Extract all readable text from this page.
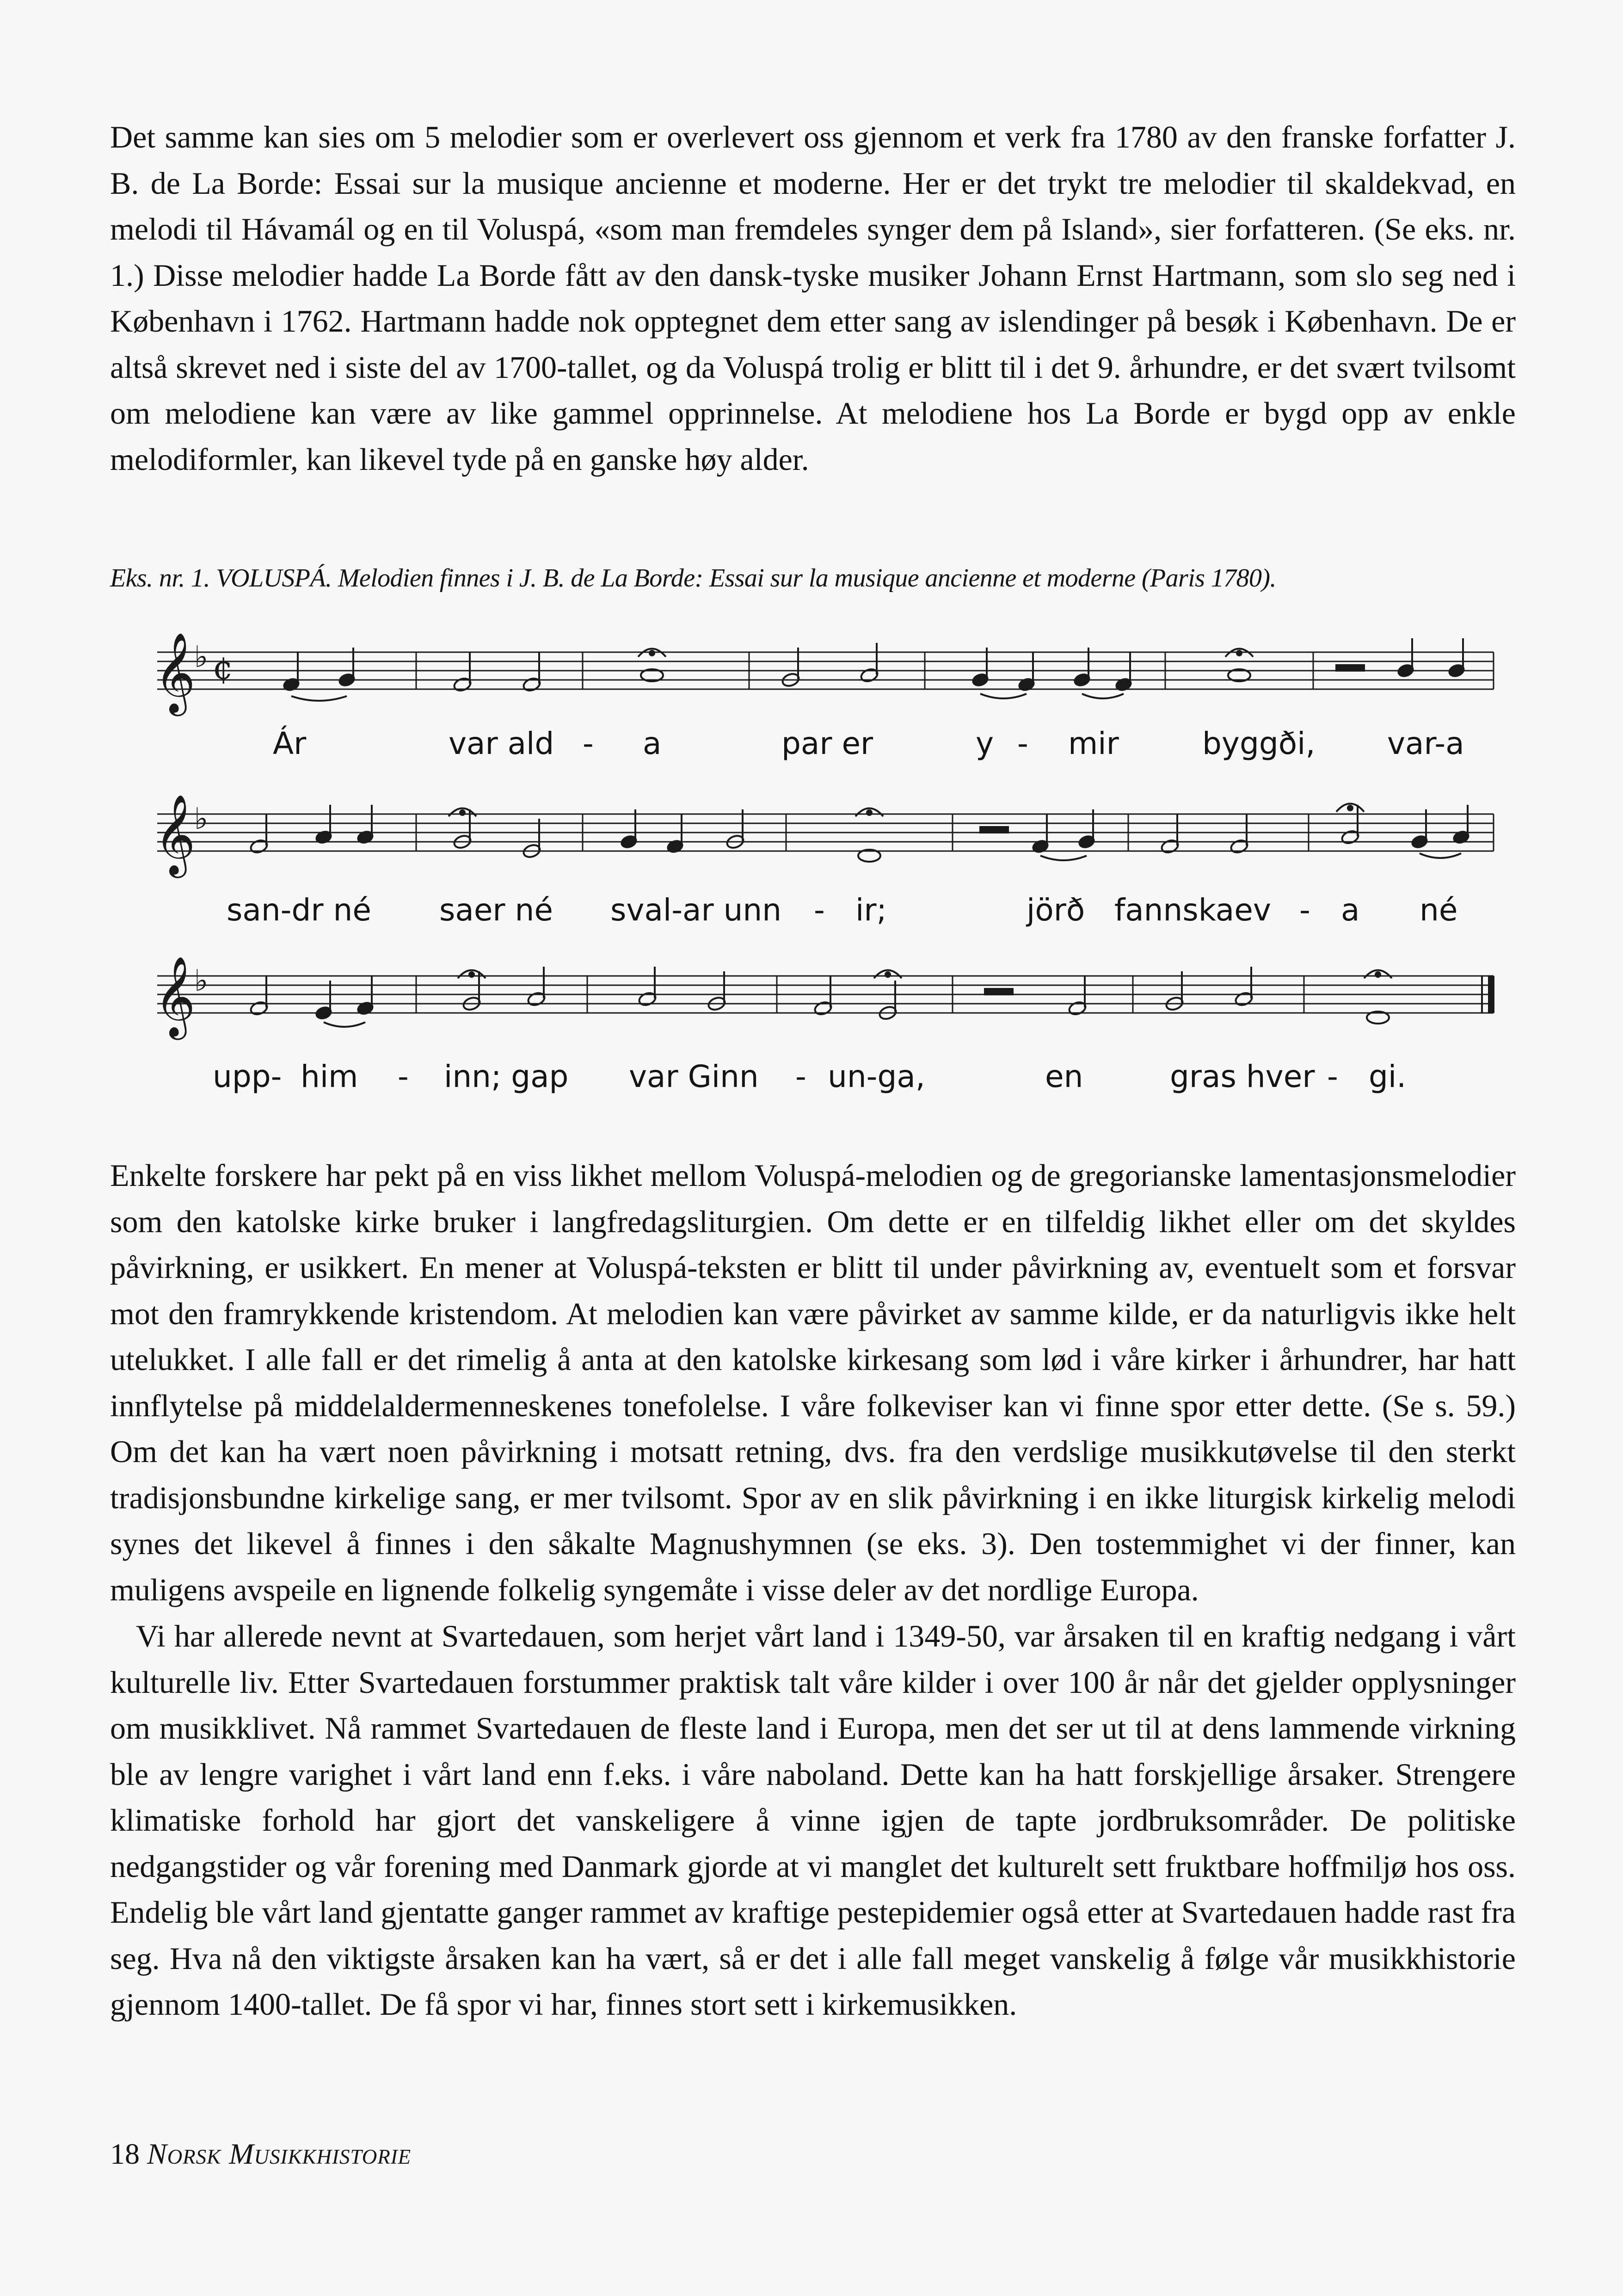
Det samme kan sies om 5 melodier som er overlevert oss gjennom et verk fra 1780 av den franske forfatter J. B. de La Borde: Essai sur la musique ancienne et moderne. Her er det trykt tre melodier til skaldekvad, en melodi til Hávamál og en til Voluspá, «som man fremdeles synger dem på Island», sier forfatteren. (Se eks. nr. 1.) Disse melodier hadde La Borde fått av den dansk-tyske musiker Johann Ernst Hartmann, som slo seg ned i København i 1762. Hartmann hadde nok opptegnet dem etter sang av islendinger på besøk i København. De er altså skrevet ned i siste del av 1700-tallet, og da Voluspá trolig er blitt til i det 9. århundre, er det svært tvilsomt om melodiene kan være av like gammel opprinnelse. At melodiene hos La Borde er bygd opp av enkle melodiformler, kan likevel tyde på en ganske høy alder.

Eks. nr. 1. VOLUSPÁ. Melodien finnes i J. B. de La Borde: Essai sur la musique ancienne et moderne (Paris 1780).
𝄞
𝄞
𝄞
♭
♭
♭
¢
Ár	var ald - a	par er	y - mir	byggði, var-a
san-dr né saer né sval-ar unn - ir;	jörð fannskaev - a né
upp- him - inn; gap var Ginn - un-ga,	en	gras hver - gi.

Enkelte forskere har pekt på en viss likhet mellom Voluspá-melodien og de gregorianske lamentasjonsmelodier som den katolske kirke bruker i langfredagsliturgien. Om dette er en tilfeldig likhet eller om det skyldes påvirkning, er usikkert. En mener at Voluspá-teksten er blitt til under påvirkning av, eventuelt som et forsvar mot den framrykkende kristendom. At melodien kan være påvirket av samme kilde, er da naturligvis ikke helt utelukket. I alle fall er det rimelig å anta at den katolske kirkesang som lød i våre kirker i århundrer, har hatt innflytelse på middelaldermenneskenes tonefolelse. I våre folkeviser kan vi finne spor etter dette. (Se s. 59.) Om det kan ha vært noen påvirkning i motsatt retning, dvs. fra den verdslige musikkutøvelse til den sterkt tradisjonsbundne kirkelige sang, er mer tvilsomt. Spor av en slik påvirkning i en ikke liturgisk kirkelig melodi synes det likevel å finnes i den såkalte Magnushymnen (se eks. 3). Den tostemmighet vi der finner, kan muligens avspeile en lignende folkelig syngemåte i visse deler av det nordlige Europa.

Vi har allerede nevnt at Svartedauen, som herjet vårt land i 1349-50, var årsaken til en kraftig nedgang i vårt kulturelle liv. Etter Svartedauen forstummer praktisk talt våre kilder i over 100 år når det gjelder opplysninger om musikklivet. Nå rammet Svartedauen de fleste land i Europa, men det ser ut til at dens lammende virkning ble av lengre varighet i vårt land enn f.eks. i våre naboland. Dette kan ha hatt forskjellige årsaker. Strengere klimatiske forhold har gjort det vanskeligere å vinne igjen de tapte jordbruksområder. De politiske nedgangstider og vår forening med Danmark gjorde at vi manglet det kulturelt sett fruktbare hoffmiljø hos oss. Endelig ble vårt land gjentatte ganger rammet av kraftige pestepidemier også etter at Svartedauen hadde rast fra seg. Hva nå den viktigste årsaken kan ha vært, så er det i alle fall meget vanskelig å følge vår musikkhistorie gjennom 1400-tallet. De få spor vi har, finnes stort sett i kirkemusikken.

18 Norsk Musikkhistorie
